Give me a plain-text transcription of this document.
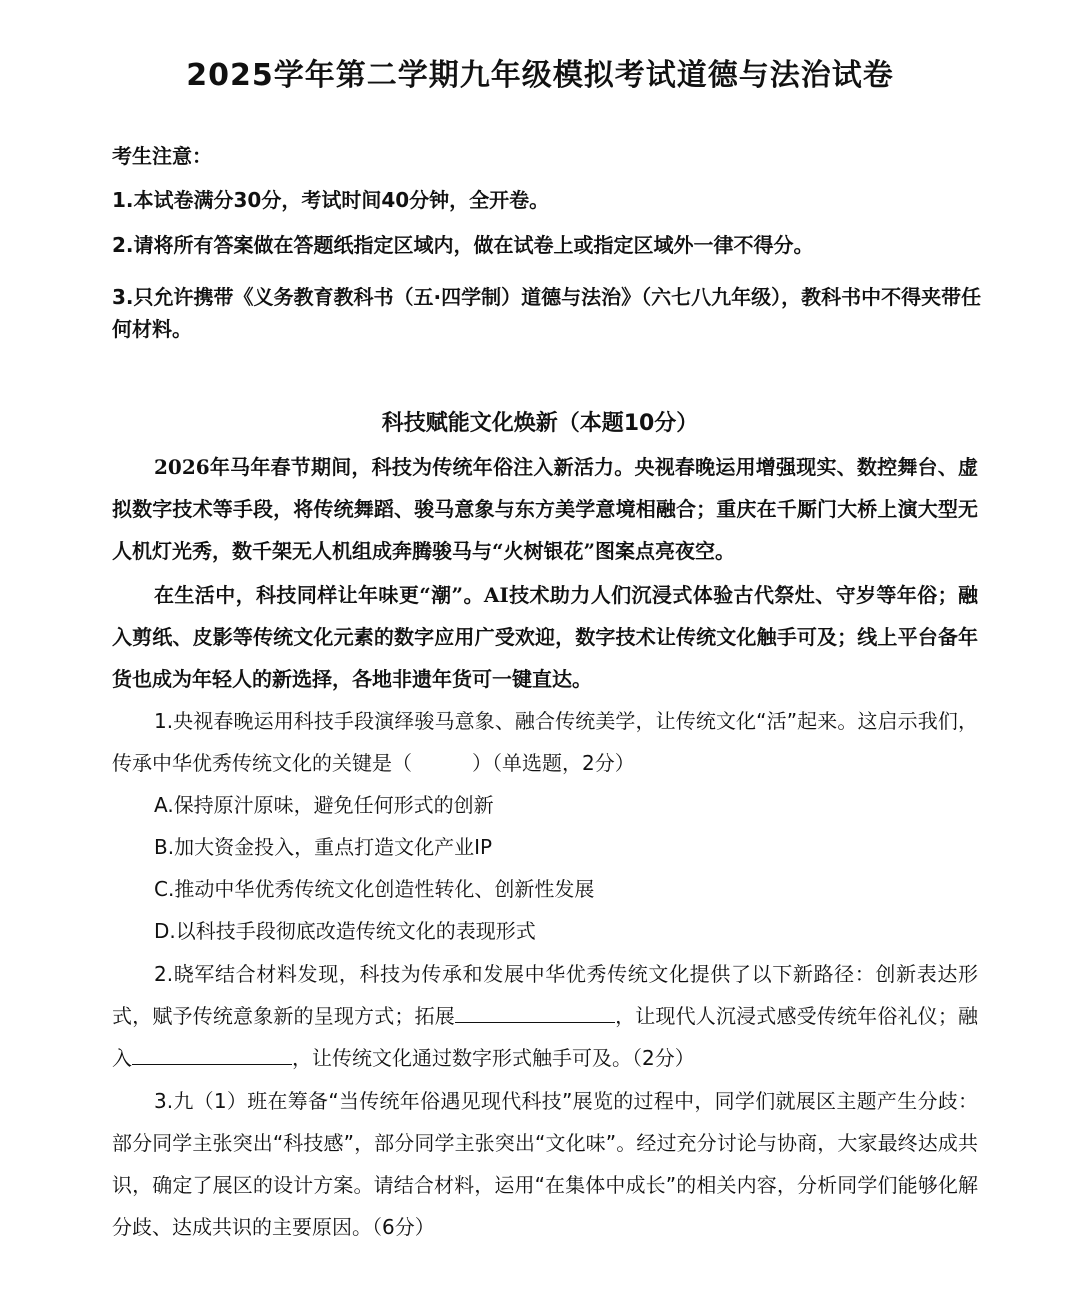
2025学年第二学期九年级模拟考试道德与法治试卷

考生注意：

1.本试卷满分30分，考试时间40分钟，全开卷。

2.请将所有答案做在答题纸指定区域内，做在试卷上或指定区域外一律不得分。

3.只允许携带《义务教育教科书（五·四学制）道德与法治》（六七八九年级），教科书中不得夹带任何材料。

科技赋能文化焕新（本题10分）

2026年马年春节期间，科技为传统年俗注入新活力。央视春晚运用增强现实、数控舞台、虚拟数字技术等手段，将传统舞蹈、骏马意象与东方美学意境相融合；重庆在千厮门大桥上演大型无人机灯光秀，数千架无人机组成奔腾骏马与“火树银花”图案点亮夜空。

在生活中，科技同样让年味更“潮”。AI技术助力人们沉浸式体验古代祭灶、守岁等年俗；融入剪纸、皮影等传统文化元素的数字应用广受欢迎，数字技术让传统文化触手可及；线上平台备年货也成为年轻人的新选择，各地非遗年货可一键直达。

1.央视春晚运用科技手段演绎骏马意象、融合传统美学，让传统文化“活”起来。这启示我们，传承中华优秀传统文化的关键是（	）（单选题，2分）

A.保持原汁原味，避免任何形式的创新

B.加大资金投入，重点打造文化产业IP

C.推动中华优秀传统文化创造性转化、创新性发展

D.以科技手段彻底改造传统文化的表现形式

2.晓军结合材料发现，科技为传承和发展中华优秀传统文化提供了以下新路径：创新表达形式，赋予传统意象新的呈现方式；拓展	，让现代人沉浸式感受传统年俗礼仪；融入	，让传统文化通过数字形式触手可及。（2分）

3.九（1）班在筹备“当传统年俗遇见现代科技”展览的过程中，同学们就展区主题产生分歧：部分同学主张突出“科技感”，部分同学主张突出“文化味”。经过充分讨论与协商，大家最终达成共识，确定了展区的设计方案。请结合材料，运用“在集体中成长”的相关内容，分析同学们能够化解分歧、达成共识的主要原因。（6分）
